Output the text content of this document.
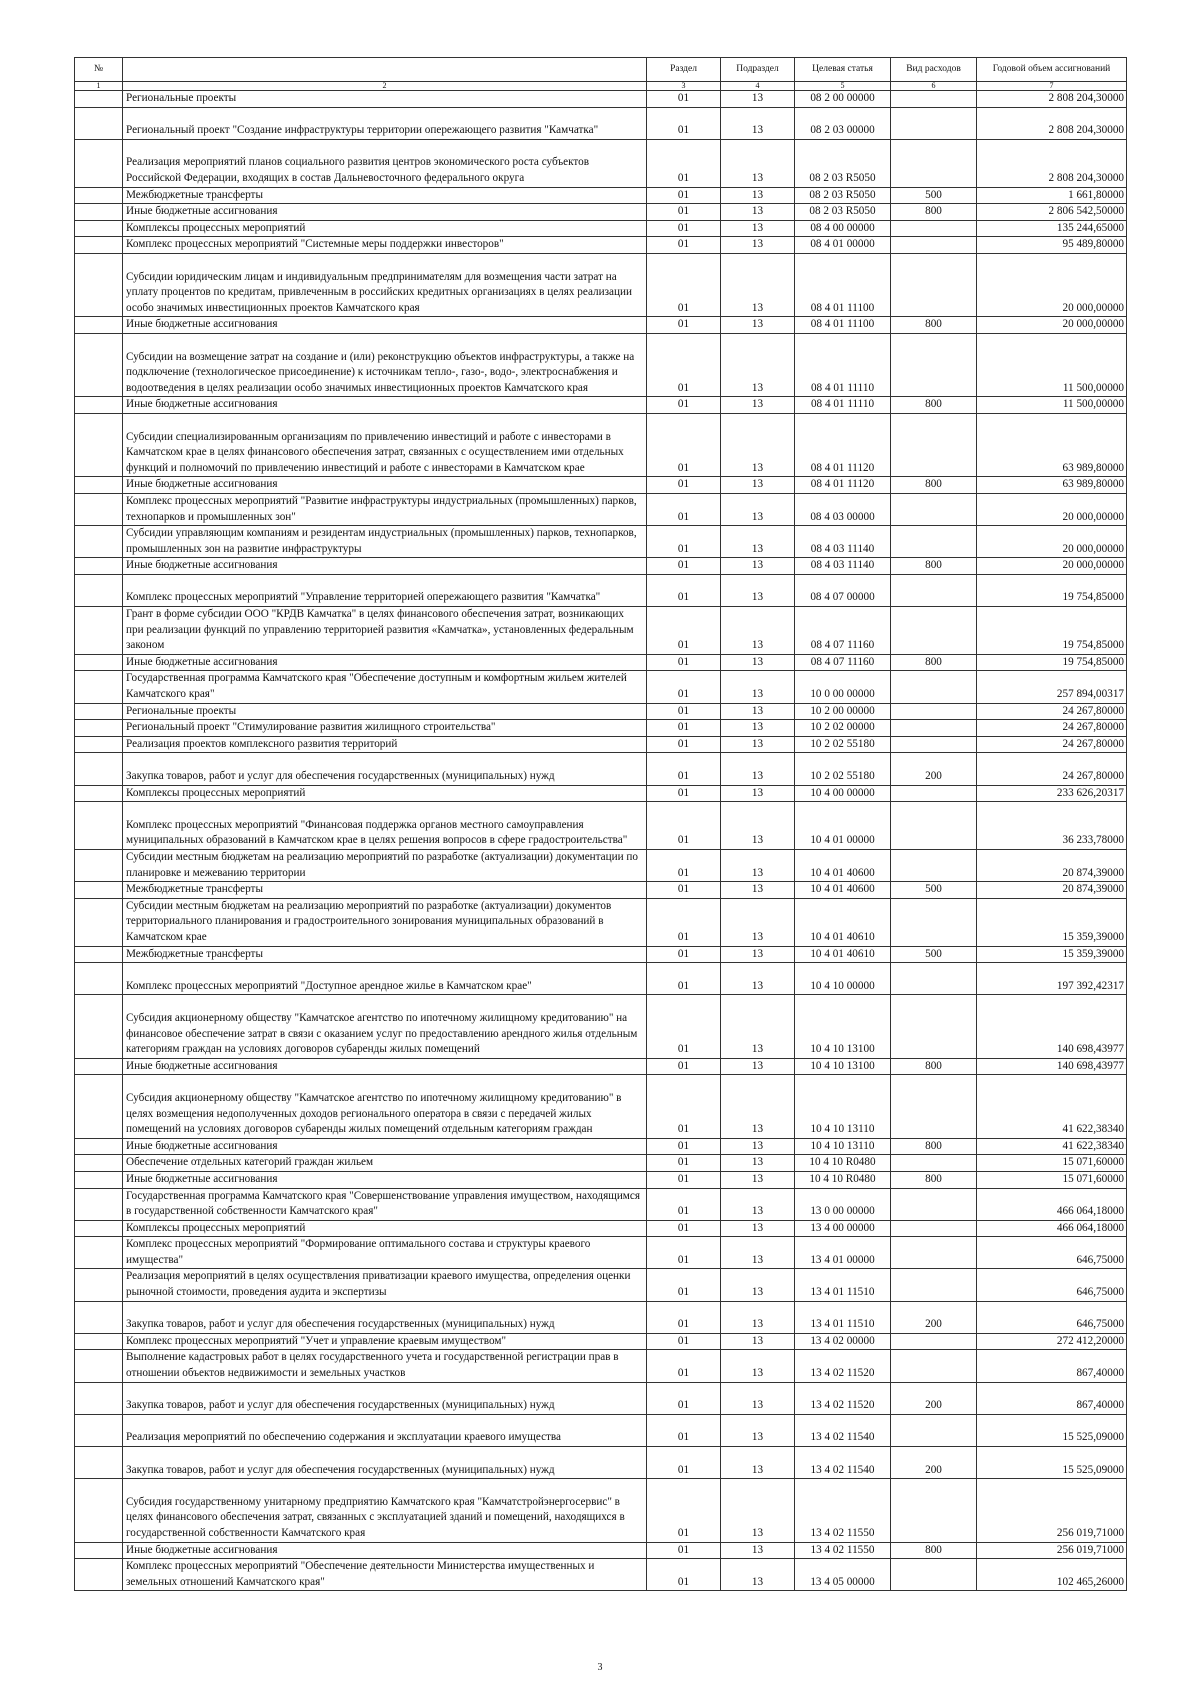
№		Раздел	Подраздел	Целевая статья	Вид расходов	Годовой объем ассигнований
1	2	3	4	5	6	7
	Региональные проекты	01	13	08 2 00 00000		2 808 204,30000
	Региональный проект "Создание инфраструктуры территории опережающего развития "Камчатка"	01	13	08 2 03 00000		2 808 204,30000
	Реализация мероприятий планов социального развития центров экономического роста субъектов Российской Федерации, входящих в состав Дальневосточного федерального округа	01	13	08 2 03 R5050		2 808 204,30000
	Межбюджетные трансферты	01	13	08 2 03 R5050	500	1 661,80000
	Иные бюджетные ассигнования	01	13	08 2 03 R5050	800	2 806 542,50000
	Комплексы процессных мероприятий	01	13	08 4 00 00000		135 244,65000
	Комплекс процессных мероприятий "Системные меры поддержки инвесторов"	01	13	08 4 01 00000		95 489,80000
	Субсидии юридическим лицам и индивидуальным предпринимателям для возмещения части затрат на уплату процентов по кредитам, привлеченным в российских кредитных организациях в целях реализации особо значимых инвестиционных проектов Камчатского края	01	13	08 4 01 11100		20 000,00000
	Иные бюджетные ассигнования	01	13	08 4 01 11100	800	20 000,00000
	Субсидии на возмещение затрат на создание и (или) реконструкцию объектов инфраструктуры, а также на подключение (технологическое присоединение) к источникам тепло-, газо-, водо-, электроснабжения и водоотведения в целях реализации особо значимых инвестиционных проектов Камчатского края	01	13	08 4 01 11110		11 500,00000
	Иные бюджетные ассигнования	01	13	08 4 01 11110	800	11 500,00000
	Субсидии специализированным организациям по привлечению инвестиций и работе с инвесторами в Камчатском крае в целях финансового обеспечения затрат, связанных с осуществлением ими отдельных функций и полномочий по привлечению инвестиций и работе с инвесторами в Камчатском крае	01	13	08 4 01 11120		63 989,80000
	Иные бюджетные ассигнования	01	13	08 4 01 11120	800	63 989,80000
	Комплекс процессных мероприятий "Развитие инфраструктуры индустриальных (промышленных) парков, технопарков и промышленных зон"	01	13	08 4 03 00000		20 000,00000
	Субсидии управляющим компаниям и резидентам индустриальных (промышленных) парков, технопарков, промышленных зон на развитие инфраструктуры	01	13	08 4 03 11140		20 000,00000
	Иные бюджетные ассигнования	01	13	08 4 03 11140	800	20 000,00000
	Комплекс процессных мероприятий "Управление территорией опережающего развития "Камчатка"	01	13	08 4 07 00000		19 754,85000
	Грант в форме субсидии ООО "КРДВ Камчатка" в целях финансового обеспечения затрат, возникающих при реализации функций по управлению территорией развития «Камчатка», установленных федеральным законом	01	13	08 4 07 11160		19 754,85000
	Иные бюджетные ассигнования	01	13	08 4 07 11160	800	19 754,85000
	Государственная программа Камчатского края "Обеспечение доступным и комфортным жильем жителей Камчатского края"	01	13	10 0 00 00000		257 894,00317
	Региональные проекты	01	13	10 2 00 00000		24 267,80000
	Региональный проект "Стимулирование развития жилищного строительства"	01	13	10 2 02 00000		24 267,80000
	Реализация проектов комплексного развития территорий	01	13	10 2 02 55180		24 267,80000
	Закупка товаров, работ и услуг для обеспечения государственных (муниципальных) нужд	01	13	10 2 02 55180	200	24 267,80000
	Комплексы процессных мероприятий	01	13	10 4 00 00000		233 626,20317
	Комплекс процессных мероприятий "Финансовая поддержка органов местного самоуправления муниципальных образований в Камчатском крае в целях решения вопросов в сфере градостроительства"	01	13	10 4 01 00000		36 233,78000
	Субсидии местным бюджетам на реализацию мероприятий по разработке (актуализации) документации по планировке и межеванию территории	01	13	10 4 01 40600		20 874,39000
	Межбюджетные трансферты	01	13	10 4 01 40600	500	20 874,39000
	Субсидии местным бюджетам на реализацию мероприятий по разработке (актуализации) документов территориального планирования и градостроительного зонирования муниципальных образований в Камчатском крае	01	13	10 4 01 40610		15 359,39000
	Межбюджетные трансферты	01	13	10 4 01 40610	500	15 359,39000
	Комплекс процессных мероприятий "Доступное арендное жилье в Камчатском крае"	01	13	10 4 10 00000		197 392,42317
	Субсидия акционерному обществу "Камчатское агентство по ипотечному жилищному кредитованию" на финансовое обеспечение затрат в связи с оказанием услуг по предоставлению арендного жилья отдельным категориям граждан на условиях договоров субаренды жилых помещений	01	13	10 4 10 13100		140 698,43977
	Иные бюджетные ассигнования	01	13	10 4 10 13100	800	140 698,43977
	Субсидия акционерному обществу "Камчатское агентство по ипотечному жилищному кредитованию" в целях возмещения недополученных доходов регионального оператора в связи с передачей жилых помещений на условиях договоров субаренды жилых помещений отдельным категориям граждан	01	13	10 4 10 13110		41 622,38340
	Иные бюджетные ассигнования	01	13	10 4 10 13110	800	41 622,38340
	Обеспечение отдельных категорий граждан жильем	01	13	10 4 10 R0480		15 071,60000
	Иные бюджетные ассигнования	01	13	10 4 10 R0480	800	15 071,60000
	Государственная программа Камчатского края "Совершенствование управления имуществом, находящимся в государственной собственности Камчатского края"	01	13	13 0 00 00000		466 064,18000
	Комплексы процессных мероприятий	01	13	13 4 00 00000		466 064,18000
	Комплекс процессных мероприятий "Формирование оптимального состава и структуры краевого имущества"	01	13	13 4 01 00000		646,75000
	Реализация мероприятий в целях осуществления приватизации краевого имущества, определения оценки рыночной стоимости, проведения аудита и экспертизы	01	13	13 4 01 11510		646,75000
	Закупка товаров, работ и услуг для обеспечения государственных (муниципальных) нужд	01	13	13 4 01 11510	200	646,75000
	Комплекс процессных мероприятий "Учет и управление краевым имуществом"	01	13	13 4 02 00000		272 412,20000
	Выполнение кадастровых работ в целях государственного учета и государственной регистрации прав в отношении объектов недвижимости и земельных участков	01	13	13 4 02 11520		867,40000
	Закупка товаров, работ и услуг для обеспечения государственных (муниципальных) нужд	01	13	13 4 02 11520	200	867,40000
	Реализация мероприятий по обеспечению содержания и эксплуатации краевого имущества	01	13	13 4 02 11540		15 525,09000
	Закупка товаров, работ и услуг для обеспечения государственных (муниципальных) нужд	01	13	13 4 02 11540	200	15 525,09000
	Субсидия государственному унитарному предприятию Камчатского края "Камчатстройэнергосервис" в целях финансового обеспечения затрат, связанных с эксплуатацией зданий и помещений, находящихся в государственной собственности Камчатского края	01	13	13 4 02 11550		256 019,71000
	Иные бюджетные ассигнования	01	13	13 4 02 11550	800	256 019,71000
	Комплекс процессных мероприятий "Обеспечение деятельности Министерства имущественных и земельных отношений Камчатского края"	01	13	13 4 05 00000		102 465,26000
3
